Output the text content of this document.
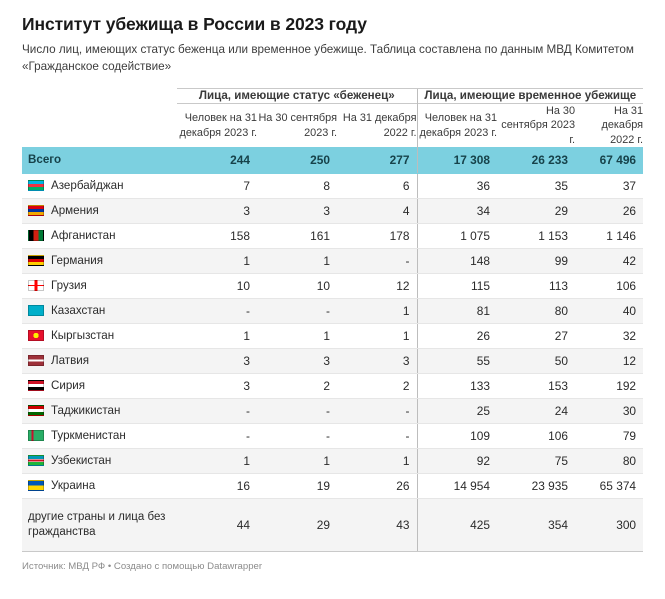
Институт убежища в России в 2023 году
Число лиц, имеющих статус беженца или временное убежище. Таблица составлена по данным МВД Комитетом «Гражданское содействие»
	Лица, имеющие статус «беженец»			Лица, имеющие временное убежище		
	Человек на 31 декабря 2023 г.	На 30 сентября 2023 г.	На 31 декабря 2022 г.	Человек на 31 декабря 2023 г.	На 30 сентября 2023 г.	На 31 декабря 2022 г.

Всего	244	250	277	17 308	26 233	67 496

Азербайджан	7	8	6	36	35	37

Армения	3	3	4	34	29	26

Афганистан	158	161	178	1 075	1 153	1 146

Германия	1	1	-	148	99	42

Грузия	10	10	12	115	113	106

Казахстан	-	-	1	81	80	40

Кыргызстан	1	1	1	26	27	32

Латвия	3	3	3	55	50	12

Сирия	3	2	2	133	153	192

Таджикистан	-	-	-	25	24	30

Туркменистан	-	-	-	109	106	79

Узбекистан	1	1	1	92	75	80

Украина	16	19	26	14 954	23 935	65 374

другие страны и лица без гражданства	44	29	43	425	354	300
Источник: МВД РФ • Создано с помощью Datawrapper
